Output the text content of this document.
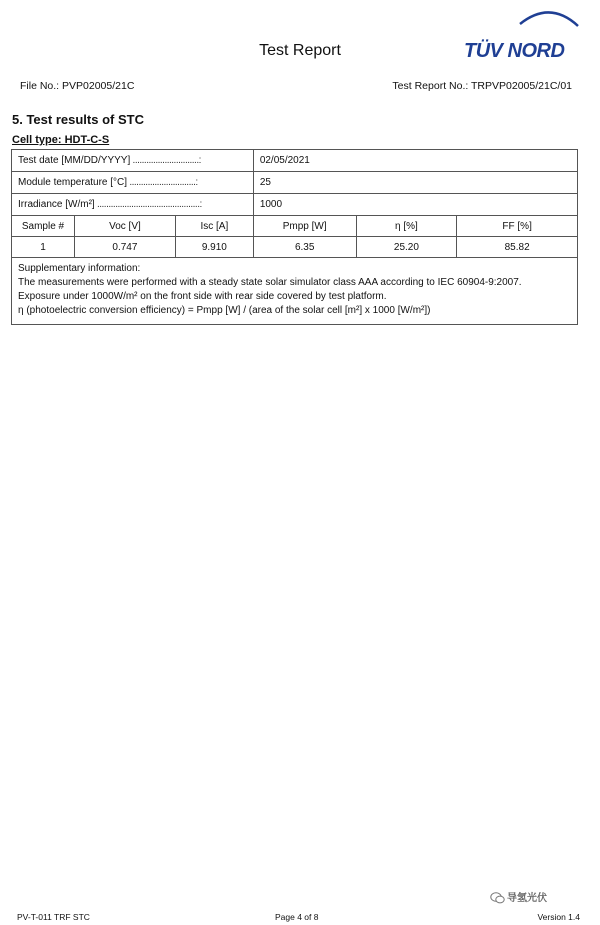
Test Report	TÜV NORD
File No.: PVP02005/21C	Test Report No.: TRPVP02005/21C/01
5. Test results of STC
Cell type: HDT-C-S
Test date [MM/DD/YYYY] .............................:			02/05/2021		
Module temperature [°C] .............................:			25		
Irradiance [W/m²] .............................................:			1000		
Sample #	Voc [V]	Isc [A]	Pmpp [W]	η [%]	FF [%]
1	0.747	9.910	6.35	25.20	85.82

Supplementary information:
The measurements were performed with a steady state solar simulator class AAA according to IEC 60904-9:2007.
Exposure under 1000W/m² on the front side with rear side covered by test platform.
η (photoelectric conversion efficiency) = Pmpp [W] / (area of the solar cell [m²] x 1000 [W/m²])					
导氢光伏
PV-T-011 TRF STC	Page 4 of 8	Version 1.4
